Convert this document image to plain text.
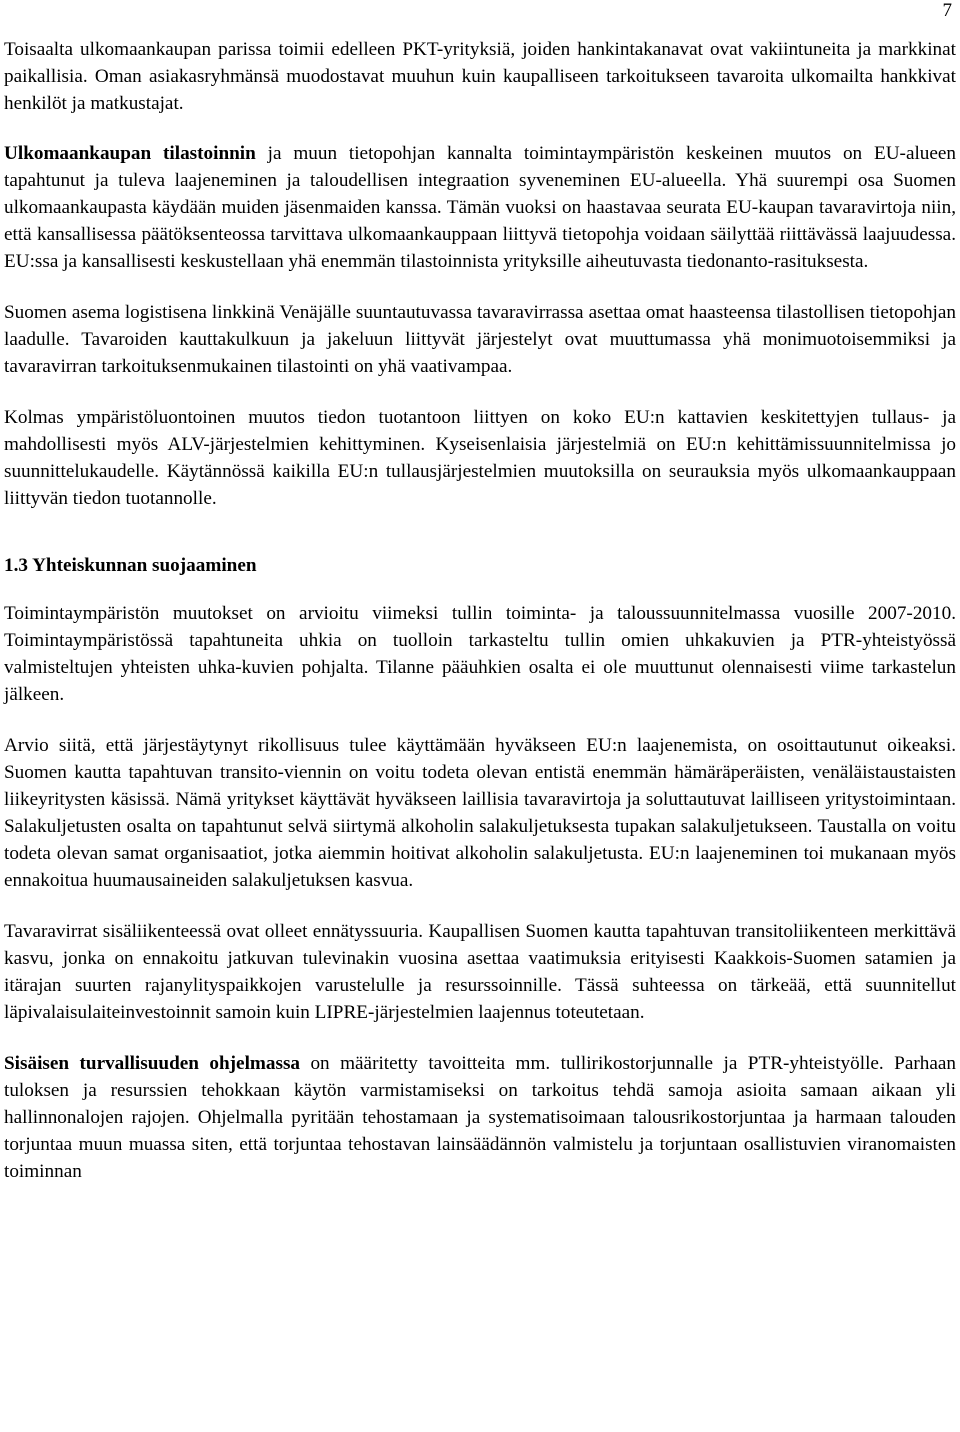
7

Toisaalta ulkomaankaupan parissa toimii edelleen PKT-yrityksiä, joiden hankintakanavat ovat vakiintuneita ja markkinat paikallisia. Oman asiakasryhmänsä muodostavat muuhun kuin kaupalliseen tarkoitukseen tavaroita ulkomailta hankkivat henkilöt ja matkustajat.

Ulkomaankaupan tilastoinnin ja muun tietopohjan kannalta toimintaympäristön keskeinen muutos on EU-alueen tapahtunut ja tuleva laajeneminen ja taloudellisen integraation syveneminen EU-alueella. Yhä suurempi osa Suomen ulkomaankaupasta käydään muiden jäsenmaiden kanssa. Tämän vuoksi on haastavaa seurata EU-kaupan tavaravirtoja niin, että kansallisessa päätöksenteossa tarvittava ulkomaankauppaan liittyvä tietopohja voidaan säilyttää riittävässä laajuudessa. EU:ssa ja kansallisesti keskustellaan yhä enemmän tilastoinnista yrityksille aiheutuvasta tiedonanto-rasituksesta.

Suomen asema logistisena linkkinä Venäjälle suuntautuvassa tavaravirrassa asettaa omat haasteensa tilastollisen tietopohjan laadulle. Tavaroiden kauttakulkuun ja jakeluun liittyvät järjestelyt ovat muuttumassa yhä monimuotoisemmiksi ja tavaravirran tarkoituksenmukainen tilastointi on yhä vaativampaa.

Kolmas ympäristöluontoinen muutos tiedon tuotantoon liittyen on koko EU:n kattavien keskitettyjen tullaus- ja mahdollisesti myös ALV-järjestelmien kehittyminen. Kyseisenlaisia järjestelmiä on EU:n kehittämissuunnitelmissa jo suunnittelukaudelle. Käytännössä kaikilla EU:n tullausjärjestelmien muutoksilla on seurauksia myös ulkomaankauppaan liittyvän tiedon tuotannolle.

1.3 Yhteiskunnan suojaaminen

Toimintaympäristön muutokset on arvioitu viimeksi tullin toiminta- ja taloussuunnitelmassa vuosille 2007-2010. Toimintaympäristössä tapahtuneita uhkia on tuolloin tarkasteltu tullin omien uhkakuvien ja PTR-yhteistyössä valmisteltujen yhteisten uhka-kuvien pohjalta. Tilanne pääuhkien osalta ei ole muuttunut olennaisesti viime tarkastelun jälkeen.

Arvio siitä, että järjestäytynyt rikollisuus tulee käyttämään hyväkseen EU:n laajenemista, on osoittautunut oikeaksi. Suomen kautta tapahtuvan transito-viennin on voitu todeta olevan entistä enemmän hämäräperäisten, venäläistaustaisten liikeyritysten käsissä. Nämä yritykset käyttävät hyväkseen laillisia tavaravirtoja ja soluttautuvat lailliseen yritystoimintaan. Salakuljetusten osalta on tapahtunut selvä siirtymä alkoholin salakuljetuksesta tupakan salakuljetukseen. Taustalla on voitu todeta olevan samat organisaatiot, jotka aiemmin hoitivat alkoholin salakuljetusta. EU:n laajeneminen toi mukanaan myös ennakoitua huumausaineiden salakuljetuksen kasvua.

Tavaravirrat sisäliikenteessä ovat olleet ennätyssuuria. Kaupallisen Suomen kautta tapahtuvan transitoliikenteen merkittävä kasvu, jonka on ennakoitu jatkuvan tulevinakin vuosina asettaa vaatimuksia erityisesti Kaakkois-Suomen satamien ja itärajan suurten rajanylityspaikkojen varustelulle ja resurssoinnille. Tässä suhteessa on tärkeää, että suunnitellut läpivalaisulaiteinvestoinnit samoin kuin LIPRE-järjestelmien laajennus toteutetaan.

Sisäisen turvallisuuden ohjelmassa on määritetty tavoitteita mm. tullirikostorjunnalle ja PTR-yhteistyölle. Parhaan tuloksen ja resurssien tehokkaan käytön varmistamiseksi on tarkoitus tehdä samoja asioita samaan aikaan yli hallinnonalojen rajojen. Ohjelmalla pyritään tehostamaan ja systematisoimaan talousrikostorjuntaa ja harmaan talouden torjuntaa muun muassa siten, että torjuntaa tehostavan lainsäädännön valmistelu ja torjuntaan osallistuvien viranomaisten toiminnan
